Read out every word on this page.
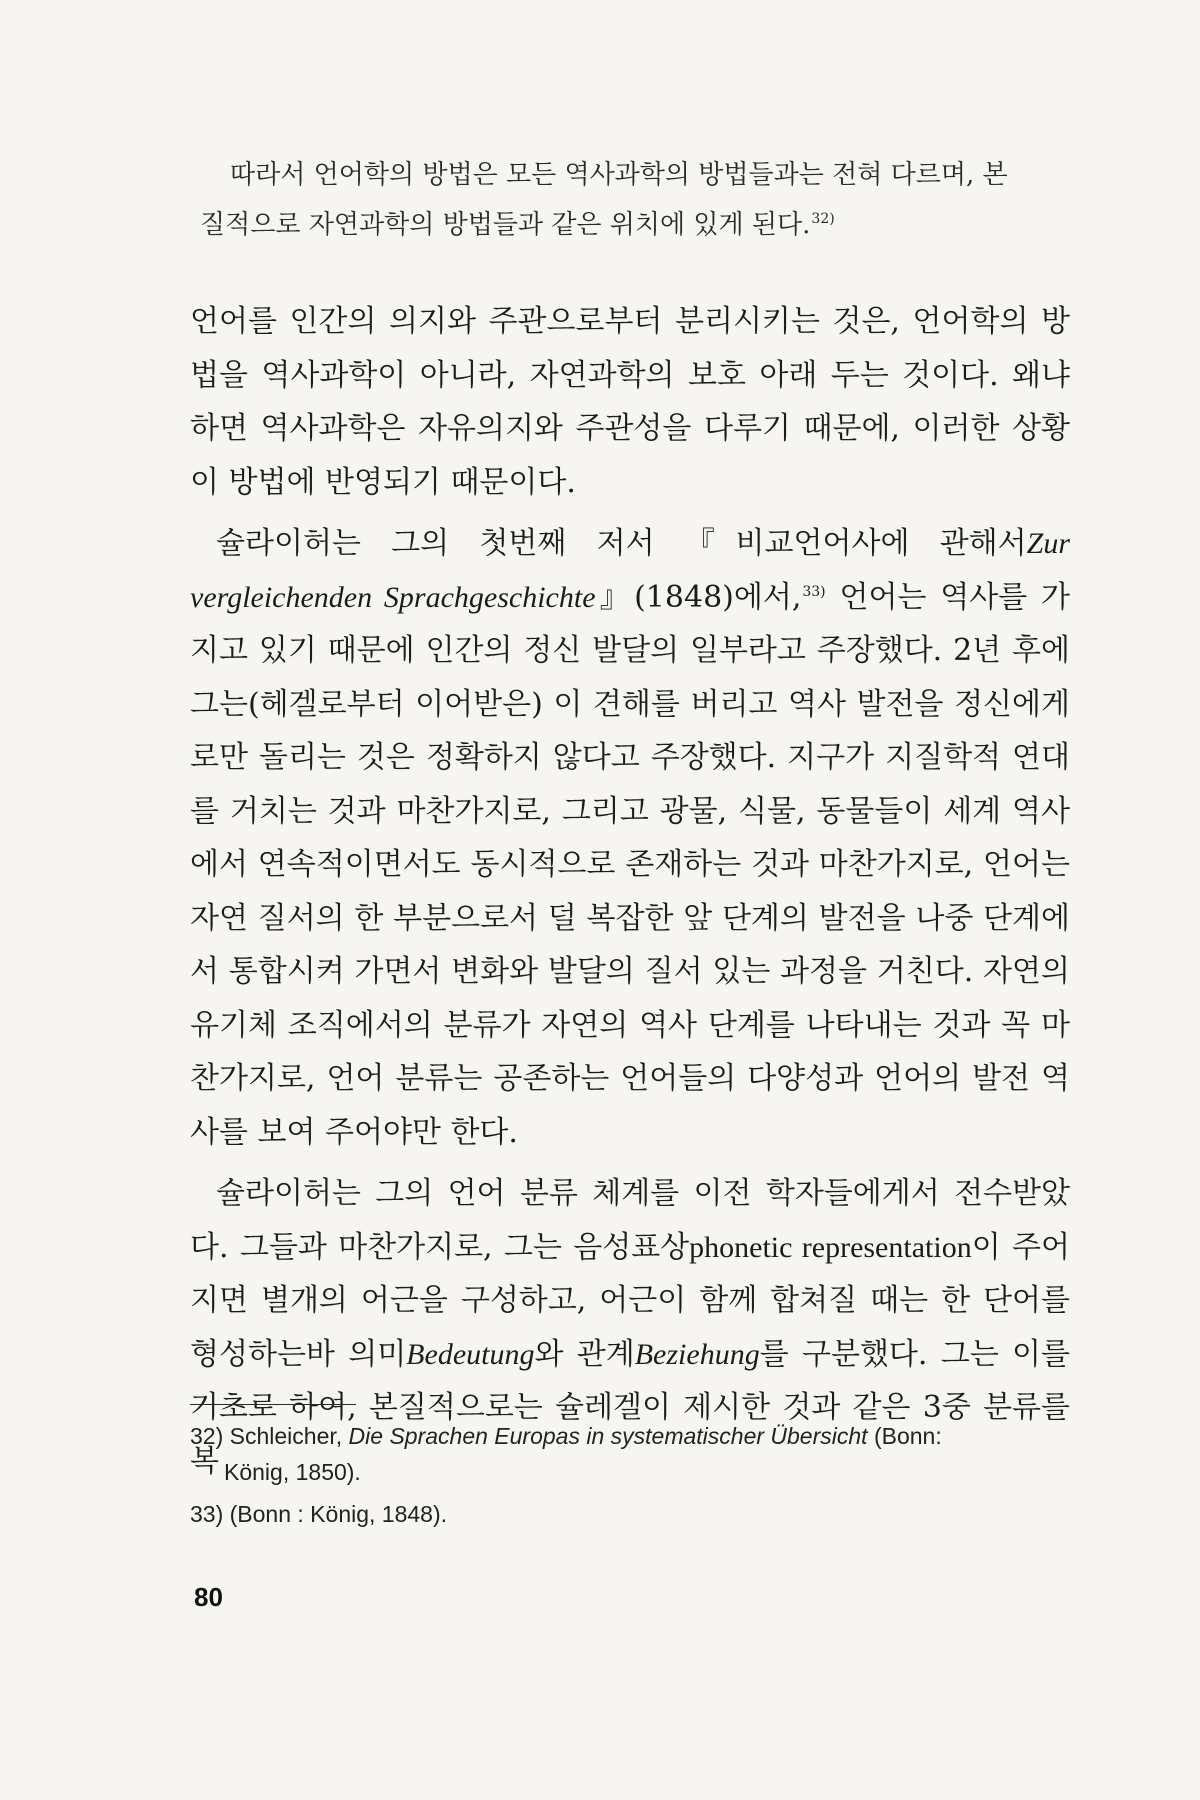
따라서 언어학의 방법은 모든 역사과학의 방법들과는 전혀 다르며, 본
질적으로 자연과학의 방법들과 같은 위치에 있게 된다.$^{32)}$

언어를 인간의 의지와 주관으로부터 분리시키는 것은, 언어학의 방법을 역사과학이 아니라, 자연과학의 보호 아래 두는 것이다. 왜냐 하면 역사과학은 자유의지와 주관성을 다루기 때문에, 이러한 상황이 방법에 반영되기 때문이다.

슐라이허는 그의 첫번째 저서 『비교언어사에 관해서Zur vergleichenden Sprachgeschichte』(1848)에서,$^{33)}$ 언어는 역사를 가지고 있기 때문에 인간의 정신 발달의 일부라고 주장했다. 2년 후에 그는(헤겔로부터 이어받은) 이 견해를 버리고 역사 발전을 정신에게로만 돌리는 것은 정확하지 않다고 주장했다. 지구가 지질학적 연대를 거치는 것과 마찬가지로, 그리고 광물, 식물, 동물들이 세계 역사에서 연속적이면서도 동시적으로 존재하는 것과 마찬가지로, 언어는 자연 질서의 한 부분으로서 덜 복잡한 앞 단계의 발전을 나중 단계에서 통합시켜 가면서 변화와 발달의 질서 있는 과정을 거친다. 자연의 유기체 조직에서의 분류가 자연의 역사 단계를 나타내는 것과 꼭 마찬가지로, 언어 분류는 공존하는 언어들의 다양성과 언어의 발전 역사를 보여 주어야만 한다.

슐라이허는 그의 언어 분류 체계를 이전 학자들에게서 전수받았다. 그들과 마찬가지로, 그는 음성표상phonetic representation이 주어지면 별개의 어근을 구성하고, 어근이 함께 합쳐질 때는 한 단어를 형성하는바 의미Bedeutung와 관계Beziehung를 구분했다. 그는 이를 기초로 하여, 본질적으로는 슐레겔이 제시한 것과 같은 3중 분류를 복

32) Schleicher, Die Sprachen Europas in systematischer Übersicht (Bonn:

König, 1850).

33) (Bonn : König, 1848).

80
